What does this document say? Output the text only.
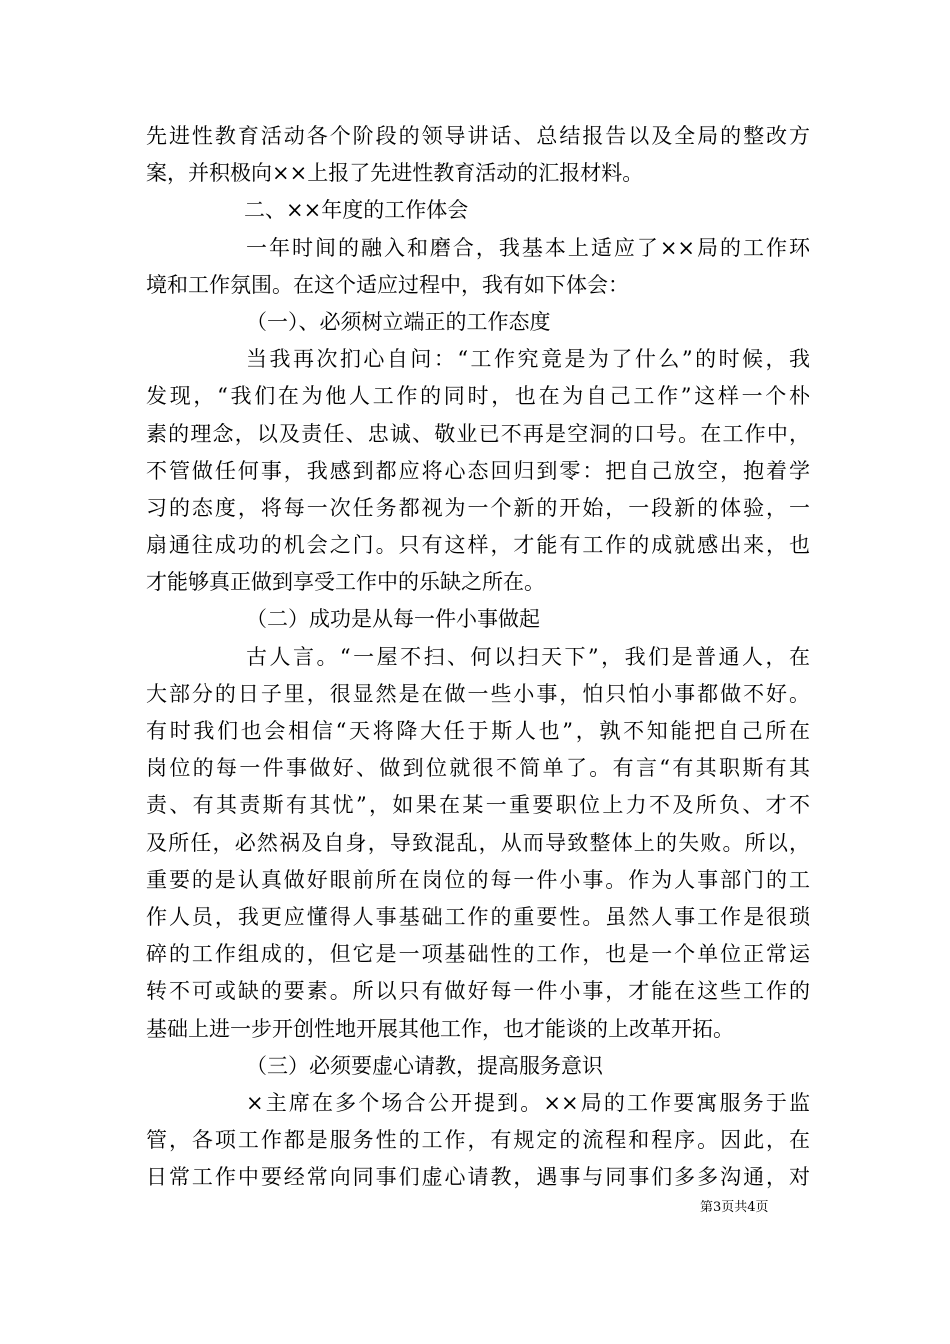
先进性教育活动各个阶段的领导讲话、总结报告以及全局的整改方
案，并积极向××上报了先进性教育活动的汇报材料。
二、××年度的工作体会
一年时间的融入和磨合，我基本上适应了××局的工作环
境和工作氛围。在这个适应过程中，我有如下体会：
（一）、必须树立端正的工作态度
当我再次扪心自问：“工作究竟是为了什么”的时候，我
发现，“我们在为他人工作的同时，也在为自己工作”这样一个朴
素的理念，以及责任、忠诚、敬业已不再是空洞的口号。在工作中，
不管做任何事，我感到都应将心态回归到零：把自己放空，抱着学
习的态度，将每一次任务都视为一个新的开始，一段新的体验，一
扇通往成功的机会之门。只有这样，才能有工作的成就感出来，也
才能够真正做到享受工作中的乐缺之所在。
（二）成功是从每一件小事做起
古人言。“一屋不扫、何以扫天下”，我们是普通人，在
大部分的日子里，很显然是在做一些小事，怕只怕小事都做不好。
有时我们也会相信“天将降大任于斯人也”，孰不知能把自己所在
岗位的每一件事做好、做到位就很不简单了。有言“有其职斯有其
责、有其责斯有其忧”，如果在某一重要职位上力不及所负、才不
及所任，必然祸及自身，导致混乱，从而导致整体上的失败。所以，
重要的是认真做好眼前所在岗位的每一件小事。作为人事部门的工
作人员，我更应懂得人事基础工作的重要性。虽然人事工作是很琐
碎的工作组成的，但它是一项基础性的工作，也是一个单位正常运
转不可或缺的要素。所以只有做好每一件小事，才能在这些工作的
基础上进一步开创性地开展其他工作，也才能谈的上改革开拓。
（三）必须要虚心请教，提高服务意识
×主席在多个场合公开提到。××局的工作要寓服务于监
管，各项工作都是服务性的工作，有规定的流程和程序。因此，在
日常工作中要经常向同事们虚心请教，遇事与同事们多多沟通，对
第3页共4页
